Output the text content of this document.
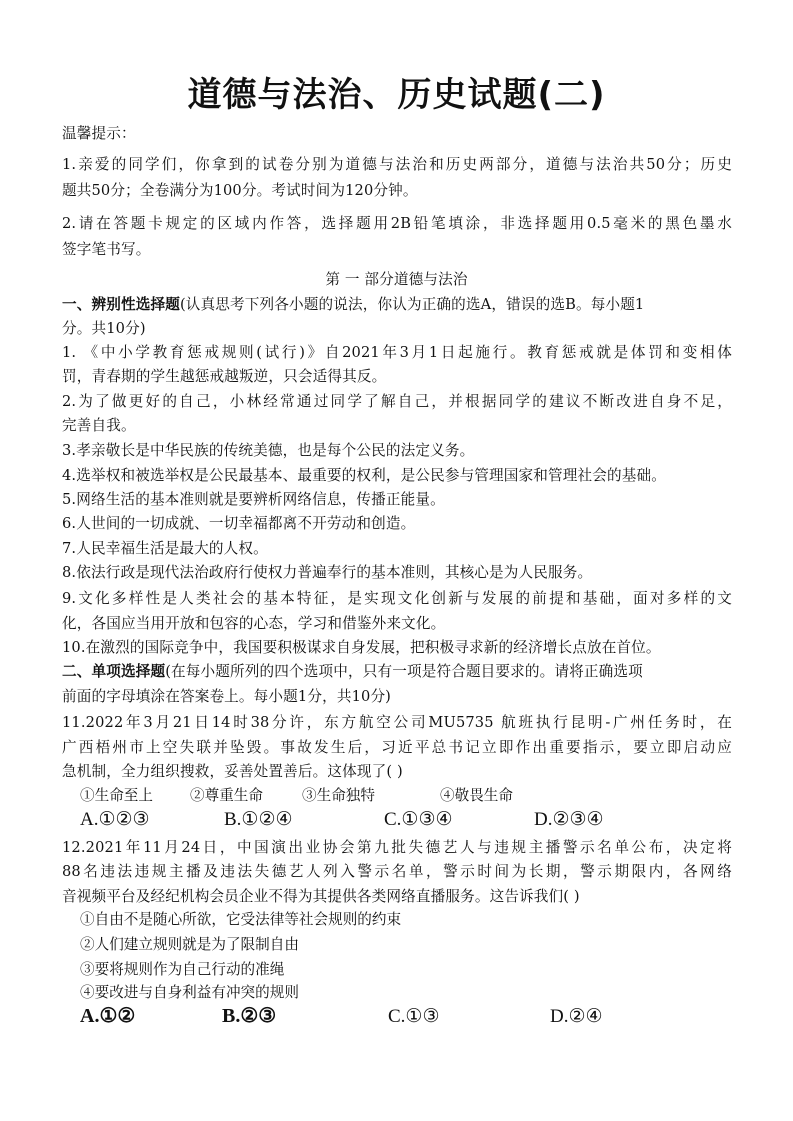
道德与法治、历史试题(二)
温馨提示：
1.亲爱的同学们，你拿到的试卷分别为道德与法治和历史两部分，道德与法治共50分；历史
题共50分；全卷满分为100分。考试时间为120分钟。
2.请在答题卡规定的区域内作答，选择题用2B铅笔填涂，非选择题用0.5毫米的黑色墨水
签字笔书写。
第 一 部分道德与法治
一、辨别性选择题(认真思考下列各小题的说法，你认为正确的选A，错误的选B。每小题1
分。共10分)
1. 《中小学教育惩戒规则(试行)》自2021年3月1日起施行。教育惩戒就是体罚和变相体
罚，青春期的学生越惩戒越叛逆，只会适得其反。
2.为了做更好的自己，小林经常通过同学了解自己，并根据同学的建议不断改进自身不足，
完善自我。
3.孝亲敬长是中华民族的传统美德，也是每个公民的法定义务。
4.选举权和被选举权是公民最基本、最重要的权利，是公民参与管理国家和管理社会的基础。
5.网络生活的基本准则就是要辨析网络信息，传播正能量。
6.人世间的一切成就、一切幸福都离不开劳动和创造。
7.人民幸福生活是最大的人权。
8.依法行政是现代法治政府行使权力普遍奉行的基本准则，其核心是为人民服务。
9.文化多样性是人类社会的基本特征，是实现文化创新与发展的前提和基础，面对多样的文
化，各国应当用开放和包容的心态，学习和借鉴外来文化。
10.在激烈的国际竞争中，我国要积极谋求自身发展，把积极寻求新的经济增长点放在首位。
二、单项选择题(在每小题所列的四个选项中，只有一项是符合题目要求的。请将正确选项
前面的字母填涂在答案卷上。每小题1分，共10分)
11.2022年3月21日14时38分许，东方航空公司MU5735 航班执行昆明-广州任务时，在
广西梧州市上空失联并坠毁。事故发生后，习近平总书记立即作出重要指示，要立即启动应
急机制，全力组织搜救，妥善处置善后。这体现了( )
①生命至上	②尊重生命	③生命独特	④敬畏生命
A.①②③	B.①②④	C.①③④	D.②③④
12.2021年11月24日，中国演出业协会第九批失德艺人与违规主播警示名单公布，决定将
88名违法违规主播及违法失德艺人列入警示名单，警示时间为长期，警示期限内，各网络
音视频平台及经纪机构会员企业不得为其提供各类网络直播服务。这告诉我们( )
①自由不是随心所欲，它受法律等社会规则的约束
②人们建立规则就是为了限制自由
③要将规则作为自己行动的准绳
④要改进与自身利益有冲突的规则
A.①②	B.②③	C.①③	D.②④
